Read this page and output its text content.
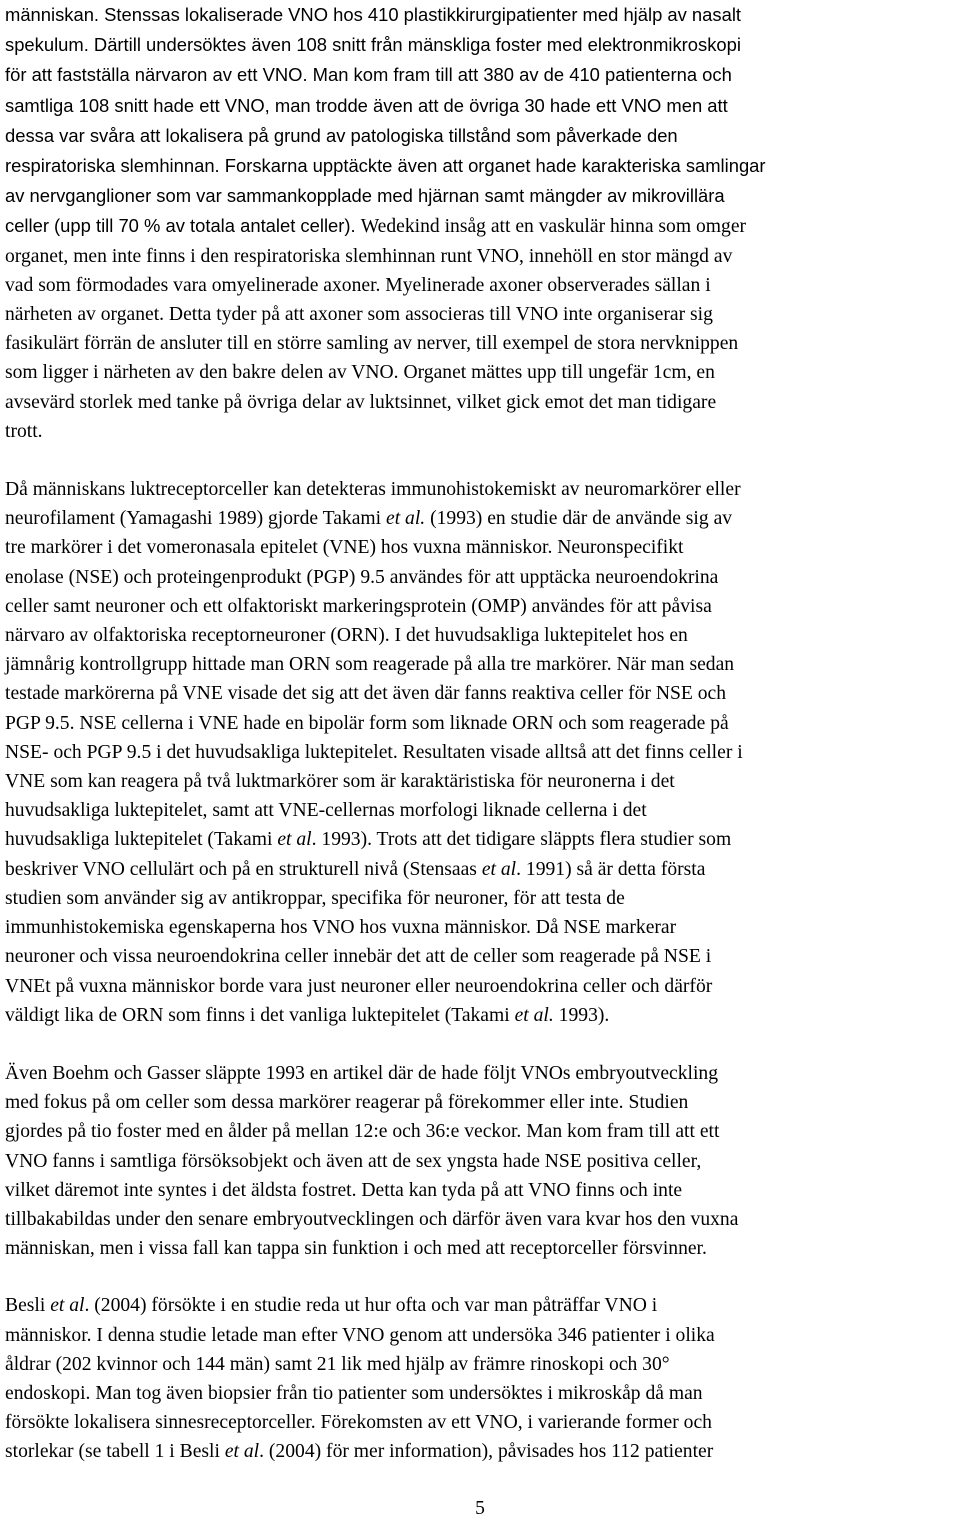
människan. Stenssas lokaliserade VNO hos 410 plastikkirurgipatienter med hjälp av nasalt
spekulum. Därtill undersöktes även 108 snitt från mänskliga foster med elektronmikroskopi
för att fastställa närvaron av ett VNO. Man kom fram till att 380 av de 410 patienterna och
samtliga 108 snitt hade ett VNO, man trodde även att de övriga 30 hade ett VNO men att
dessa var svåra att lokalisera på grund av patologiska tillstånd som påverkade den
respiratoriska slemhinnan. Forskarna upptäckte även att organet hade karakteriska samlingar
av nervganglioner som var sammankopplade med hjärnan samt mängder av mikrovillära
celler (upp till 70 % av totala antalet celler). Wedekind insåg att en vaskulär hinna som omger
organet, men inte finns i den respiratoriska slemhinnan runt VNO, innehöll en stor mängd av
vad som förmodades vara omyelinerade axoner. Myelinerade axoner observerades sällan i
närheten av organet. Detta tyder på att axoner som associeras till VNO inte organiserar sig
fasikulärt förrän de ansluter till en större samling av nerver, till exempel de stora nervknippen
som ligger i närheten av den bakre delen av VNO. Organet mättes upp till ungefär 1cm, en
avsevärd storlek med tanke på övriga delar av luktsinnet, vilket gick emot det man tidigare
trott.

Då människans luktreceptorceller kan detekteras immunohistokemiskt av neuromarkörer eller
neurofilament (Yamagashi 1989) gjorde Takami et al. (1993) en studie där de använde sig av
tre markörer i det vomeronasala epitelet (VNE) hos vuxna människor. Neuronspecifikt
enolase (NSE) och proteingenprodukt (PGP) 9.5 användes för att upptäcka neuroendokrina
celler samt neuroner och ett olfaktoriskt markeringsprotein (OMP) användes för att påvisa
närvaro av olfaktoriska receptorneuroner (ORN). I det huvudsakliga luktepitelet hos en
jämnårig kontrollgrupp hittade man ORN som reagerade på alla tre markörer. När man sedan
testade markörerna på VNE visade det sig att det även där fanns reaktiva celler för NSE och
PGP 9.5. NSE cellerna i VNE hade en bipolär form som liknade ORN och som reagerade på
NSE- och PGP 9.5 i det huvudsakliga luktepitelet. Resultaten visade alltså att det finns celler i
VNE som kan reagera på två luktmarkörer som är karaktäristiska för neuronerna i det
huvudsakliga luktepitelet, samt att VNE-cellernas morfologi liknade cellerna i det
huvudsakliga luktepitelet (Takami et al. 1993). Trots att det tidigare släppts flera studier som
beskriver VNO cellulärt och på en strukturell nivå (Stensaas et al. 1991) så är detta första
studien som använder sig av antikroppar, specifika för neuroner, för att testa de
immunhistokemiska egenskaperna hos VNO hos vuxna människor. Då NSE markerar
neuroner och vissa neuroendokrina celler innebär det att de celler som reagerade på NSE i
VNEt på vuxna människor borde vara just neuroner eller neuroendokrina celler och därför
väldigt lika de ORN som finns i det vanliga luktepitelet (Takami et al. 1993).

Även Boehm och Gasser släppte 1993 en artikel där de hade följt VNOs embryoutveckling
med fokus på om celler som dessa markörer reagerar på förekommer eller inte. Studien
gjordes på tio foster med en ålder på mellan 12:e och 36:e veckor. Man kom fram till att ett
VNO fanns i samtliga försöksobjekt och även att de sex yngsta hade NSE positiva celler,
vilket däremot inte syntes i det äldsta fostret. Detta kan tyda på att VNO finns och inte
tillbakabildas under den senare embryoutvecklingen och därför även vara kvar hos den vuxna
människan, men i vissa fall kan tappa sin funktion i och med att receptorceller försvinner.

Besli et al. (2004) försökte i en studie reda ut hur ofta och var man påträffar VNO i
människor. I denna studie letade man efter VNO genom att undersöka 346 patienter i olika
åldrar (202 kvinnor och 144 män) samt 21 lik med hjälp av främre rinoskopi och 30°
endoskopi. Man tog även biopsier från tio patienter som undersöktes i mikroskåp då man
försökte lokalisera sinnesreceptorceller. Förekomsten av ett VNO, i varierande former och
storlekar (se tabell 1 i Besli et al. (2004) för mer information), påvisades hos 112 patienter

5
